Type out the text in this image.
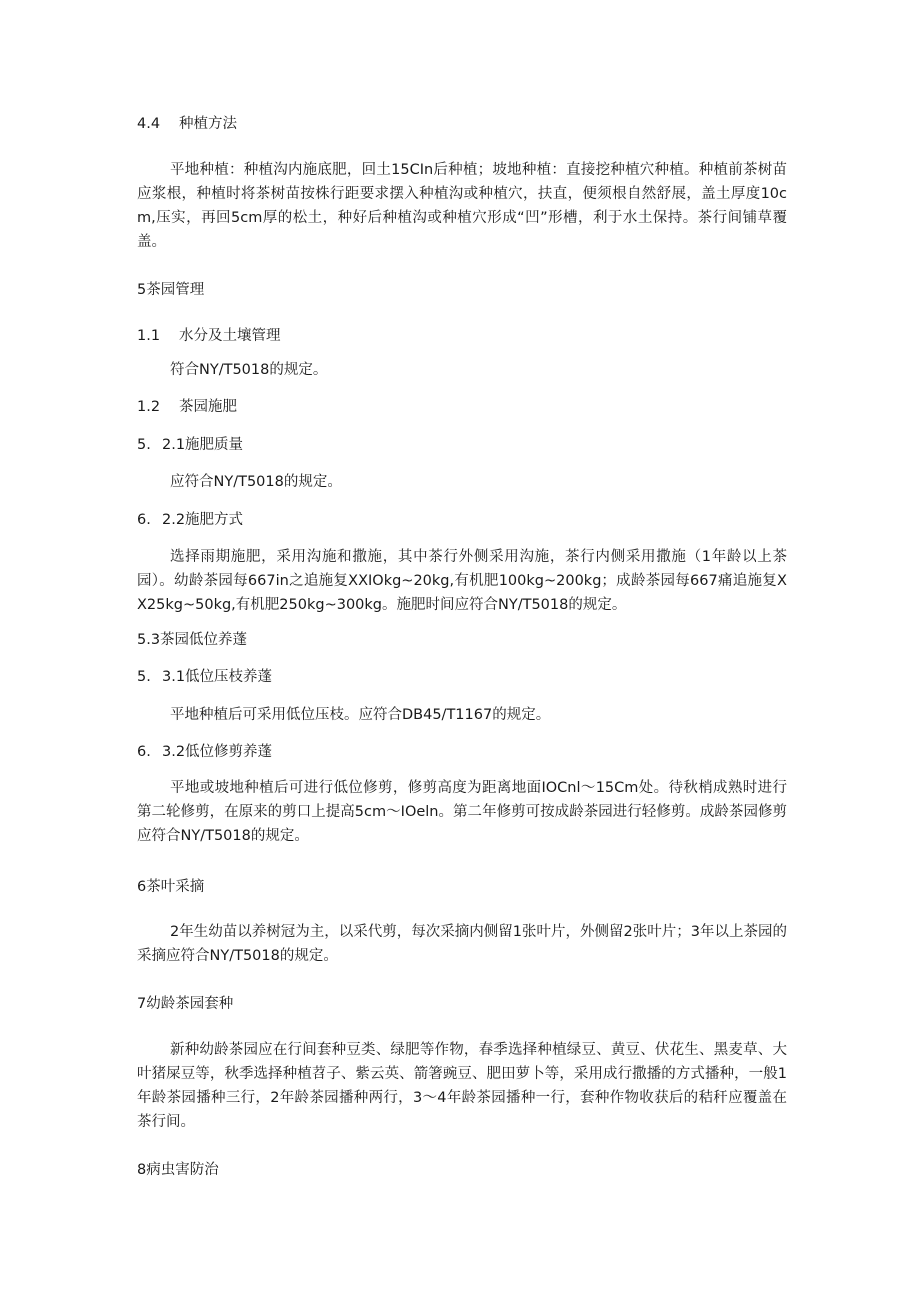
4.4 种植方法
平地种植：种植沟内施底肥，回土15CIn后种植；坡地种植：直接挖种植穴种植。种植前茶树苗应浆根，种植时将茶树苗按株行距要求摆入种植沟或种植穴，扶直，便须根自然舒展，盖土厚度10cm,压实，再回5cm厚的松土，种好后种植沟或种植穴形成“凹”形槽，利于水土保持。茶行间铺草覆盖。
5茶园管理
1.1 水分及土壤管理
符合NY/T5018的规定。
1.2 茶园施肥
5. 2.1施肥质量
应符合NY/T5018的规定。
6. 2.2施肥方式
选择雨期施肥，采用沟施和撒施，其中茶行外侧采用沟施，茶行内侧采用撒施（1年龄以上茶园）。幼龄茶园每667in之追施复XXIOkg~20kg,有机肥100kg~200kg；成龄茶园每667痛追施复XX25kg~50kg,有机肥250kg~300kg。施肥时间应符合NY/T5018的规定。
5.3茶园低位养蓬
5. 3.1低位压枝养蓬
平地种植后可采用低位压枝。应符合DB45/T1167的规定。
6. 3.2低位修剪养蓬
平地或坡地种植后可进行低位修剪，修剪高度为距离地面IOCnl～15Cm处。待秋梢成熟时进行第二轮修剪，在原来的剪口上提高5cm～IOeln。第二年修剪可按成龄茶园进行轻修剪。成龄茶园修剪应符合NY/T5018的规定。
6茶叶采摘
2年生幼苗以养树冠为主，以采代剪，每次采摘内侧留1张叶片，外侧留2张叶片；3年以上茶园的采摘应符合NY/T5018的规定。
7幼龄茶园套种
新种幼龄茶园应在行间套种豆类、绿肥等作物，春季选择种植绿豆、黄豆、伏花生、黑麦草、大叶猪屎豆等，秋季选择种植苕子、紫云英、箭箸豌豆、肥田萝卜等，采用成行撒播的方式播种，一般1年龄茶园播种三行，2年龄茶园播种两行，3～4年龄茶园播种一行，套种作物收获后的秸秆应覆盖在茶行间。
8病虫害防治
